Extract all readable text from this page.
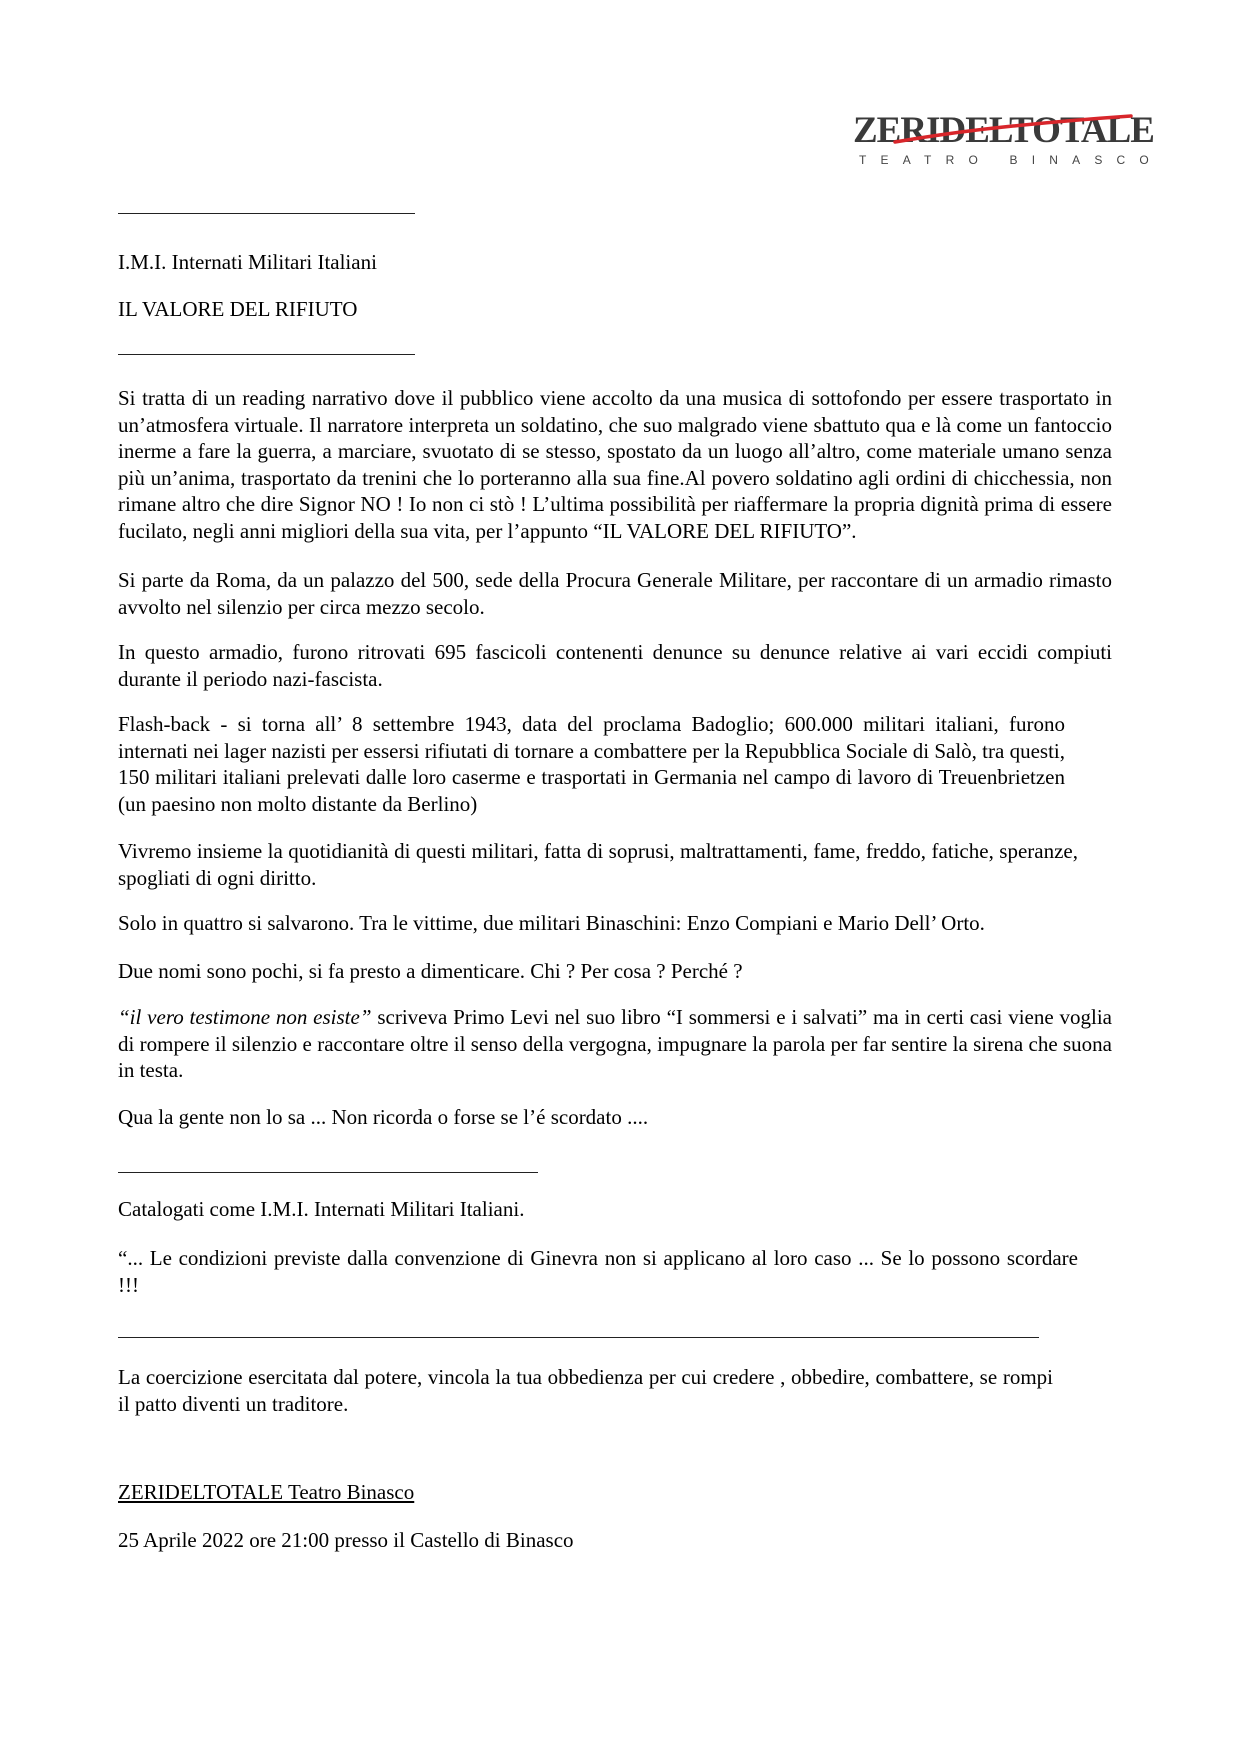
ZERIDELTOTALE
TEATRO BINASCO
I.M.I. Internati Militari Italiani
IL VALORE DEL RIFIUTO
Si tratta di un reading narrativo dove il pubblico viene accolto da una musica di sottofondo per essere trasportato in un’atmosfera virtuale. Il narratore interpreta un soldatino, che suo malgrado viene sbattuto qua e là come un fantoccio inerme a fare la guerra, a marciare, svuotato di se stesso, spostato da un luogo all’altro, come materiale umano senza più un’anima, trasportato da trenini che lo porteranno alla sua fine.Al povero soldatino agli ordini di chicchessia, non rimane altro che dire Signor NO ! Io non ci stò ! L’ultima possibilità per riaffermare la propria dignità prima di essere fucilato, negli anni migliori della sua vita, per l’appunto “IL VALORE DEL RIFIUTO”.
Si parte da Roma, da un palazzo del 500, sede della Procura Generale Militare, per raccontare di un armadio rimasto avvolto nel silenzio per circa mezzo secolo.
In questo armadio, furono ritrovati 695 fascicoli contenenti denunce su denunce relative ai vari eccidi compiuti durante il periodo nazi-fascista.
Flash-back - si torna all’ 8 settembre 1943, data del proclama Badoglio; 600.000 militari italiani, furono internati nei lager nazisti per essersi rifiutati di tornare a combattere per la Repubblica Sociale di Salò, tra questi, 150 militari italiani prelevati dalle loro caserme e trasportati in Germania nel campo di lavoro di Treuenbrietzen (un paesino non molto distante da Berlino)
Vivremo insieme la quotidianità di questi militari, fatta di soprusi, maltrattamenti, fame, freddo, fatiche, speranze, spogliati di ogni diritto.
Solo in quattro si salvarono. Tra le vittime, due militari Binaschini: Enzo Compiani e Mario Dell’ Orto.
Due nomi sono pochi, si fa presto a dimenticare. Chi ? Per cosa ? Perché ?
“il vero testimone non esiste” scriveva Primo Levi nel suo libro “I sommersi e i salvati” ma in certi casi viene voglia di rompere il silenzio e raccontare oltre il senso della vergogna, impugnare la parola per far sentire la sirena che suona in testa.
Qua la gente non lo sa ... Non ricorda o forse se l’é scordato ....
Catalogati come I.M.I. Internati Militari Italiani.
“... Le condizioni previste dalla convenzione di Ginevra non si applicano al loro caso ... Se lo possono scordare !!!
La coercizione esercitata dal potere, vincola la tua obbedienza per cui credere , obbedire, combattere, se rompi il patto diventi un traditore.
ZERIDELTOTALE Teatro Binasco
25 Aprile 2022 ore 21:00 presso il Castello di Binasco
